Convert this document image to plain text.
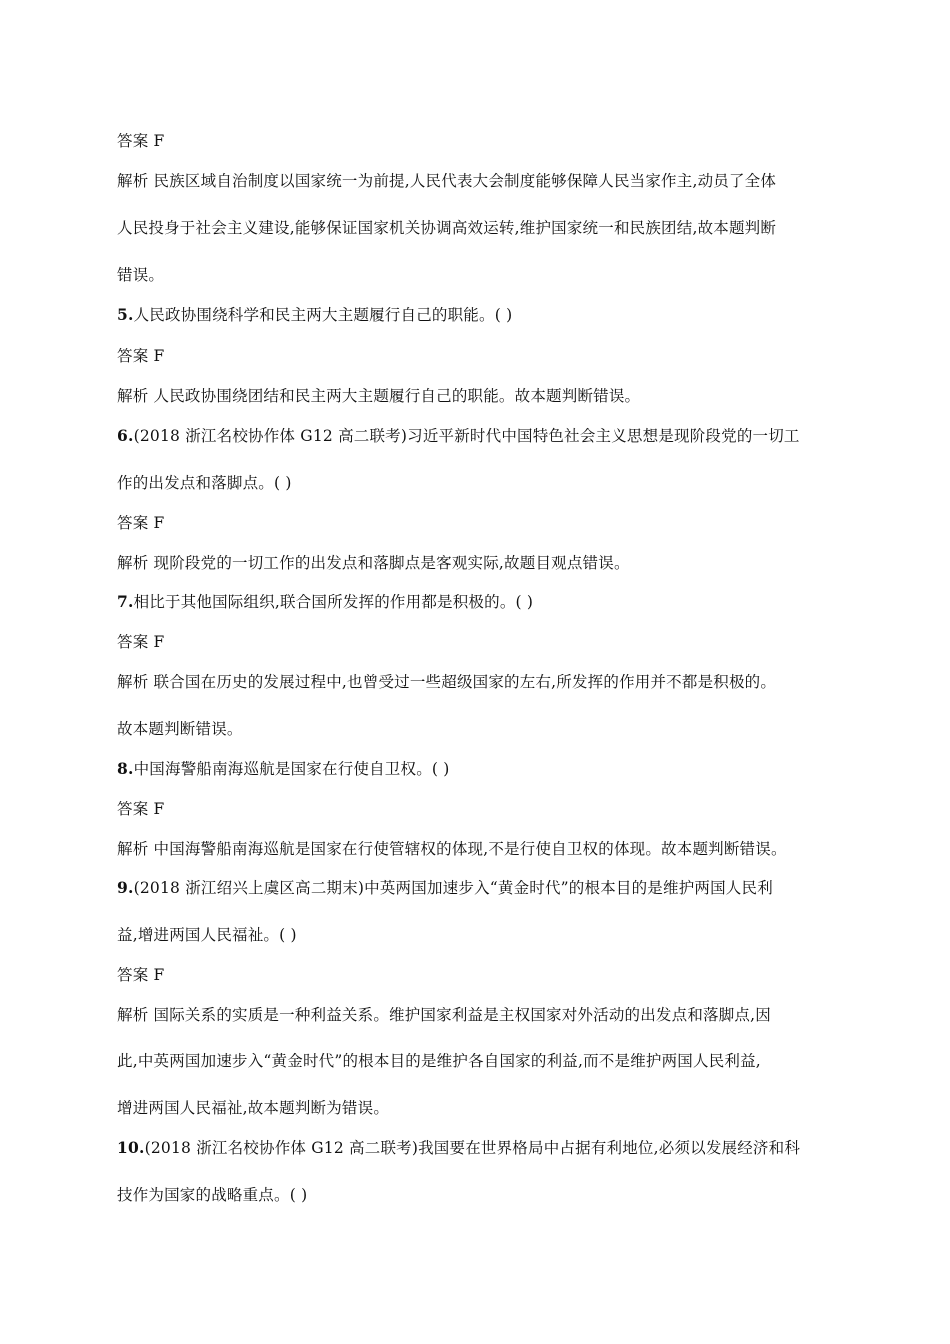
答案 F
解析 民族区域自治制度以国家统一为前提,人民代表大会制度能够保障人民当家作主,动员了全体
人民投身于社会主义建设,能够保证国家机关协调高效运转,维护国家统一和民族团结,故本题判断
错误。
5.人民政协围绕科学和民主两大主题履行自己的职能。( )
答案 F
解析 人民政协围绕团结和民主两大主题履行自己的职能。故本题判断错误。
6.(2018 浙江名校协作体 G12 高二联考)习近平新时代中国特色社会主义思想是现阶段党的一切工
作的出发点和落脚点。( )
答案 F
解析 现阶段党的一切工作的出发点和落脚点是客观实际,故题目观点错误。
7.相比于其他国际组织,联合国所发挥的作用都是积极的。( )
答案 F
解析 联合国在历史的发展过程中,也曾受过一些超级国家的左右,所发挥的作用并不都是积极的。
故本题判断错误。
8.中国海警船南海巡航是国家在行使自卫权。( )
答案 F
解析 中国海警船南海巡航是国家在行使管辖权的体现,不是行使自卫权的体现。故本题判断错误。
9.(2018 浙江绍兴上虞区高二期末)中英两国加速步入“黄金时代”的根本目的是维护两国人民利
益,增进两国人民福祉。( )
答案 F
解析 国际关系的实质是一种利益关系。维护国家利益是主权国家对外活动的出发点和落脚点,因
此,中英两国加速步入“黄金时代”的根本目的是维护各自国家的利益,而不是维护两国人民利益,
增进两国人民福祉,故本题判断为错误。
10.(2018 浙江名校协作体 G12 高二联考)我国要在世界格局中占据有利地位,必须以发展经济和科
技作为国家的战略重点。( )
